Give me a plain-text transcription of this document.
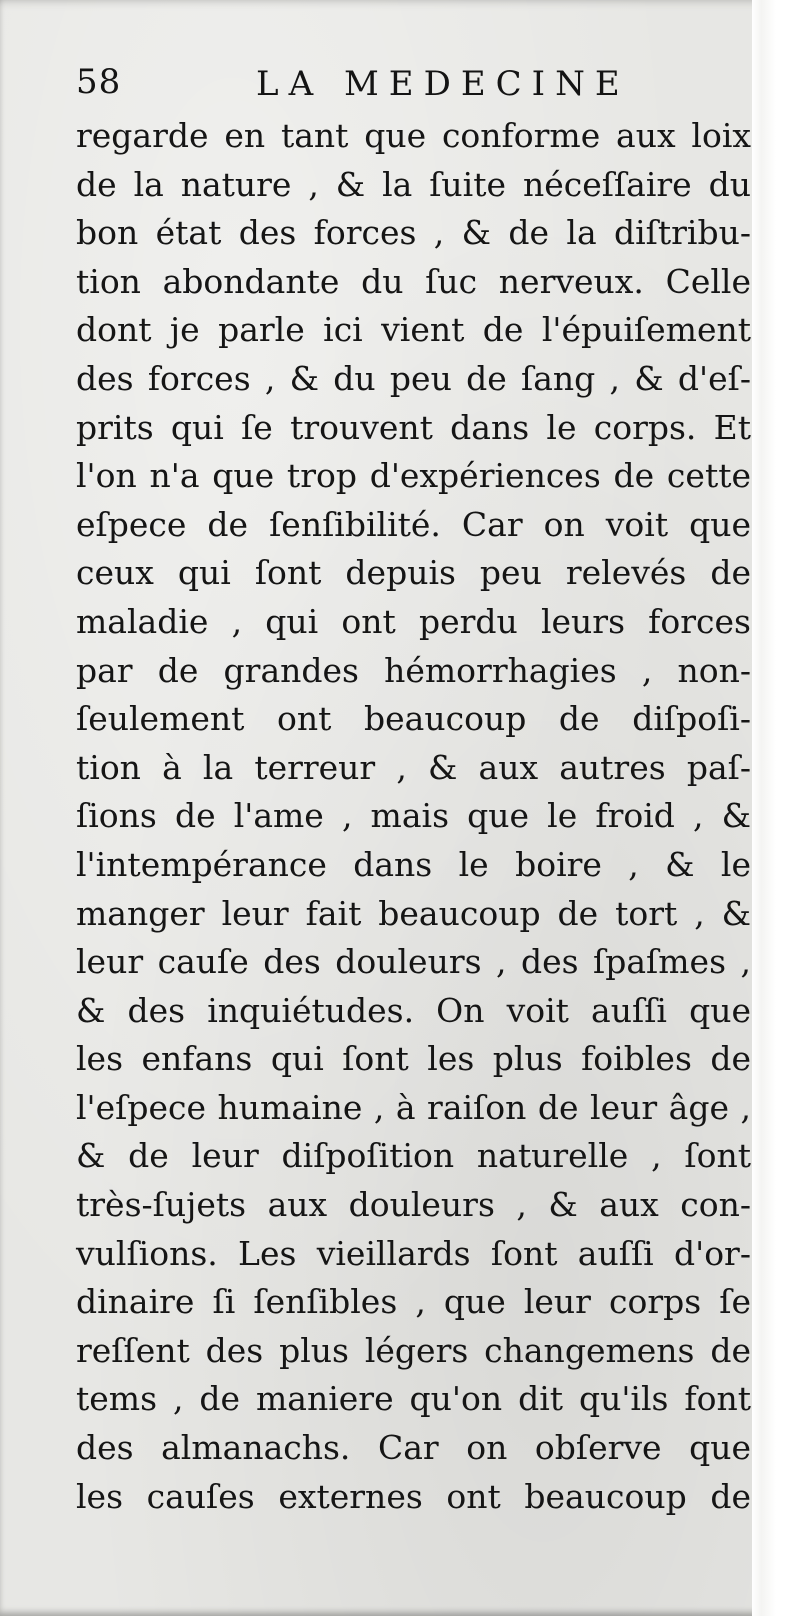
58	LA MEDECINE
regarde en tant que conforme aux loix
de la nature , & la ſuite néceſſaire du
bon état des forces , & de la diſtribu-
tion abondante du ſuc nerveux. Celle
dont je parle ici vient de l'épuiſement
des forces , & du peu de ſang , & d'eſ-
prits qui ſe trouvent dans le corps. Et
l'on n'a que trop d'expériences de cette
eſpece de ſenſibilité. Car on voit que
ceux qui ſont depuis peu relevés de
maladie , qui ont perdu leurs forces
par de grandes hémorrhagies , non-
ſeulement ont beaucoup de diſpoſi-
tion à la terreur , & aux autres paſ-
ſions de l'ame , mais que le froid , &
l'intempérance dans le boire , & le
manger leur fait beaucoup de tort , &
leur cauſe des douleurs , des ſpaſmes ,
& des inquiétudes. On voit auſſi que
les enfans qui ſont les plus foibles de
l'eſpece humaine , à raiſon de leur âge ,
& de leur diſpoſition naturelle , ſont
très-ſujets aux douleurs , & aux con-
vulſions. Les vieillards ſont auſſi d'or-
dinaire ſi ſenſibles , que leur corps ſe
reſſent des plus légers changemens de
tems , de maniere qu'on dit qu'ils font
des almanachs. Car on obſerve que
les cauſes externes ont beaucoup de
